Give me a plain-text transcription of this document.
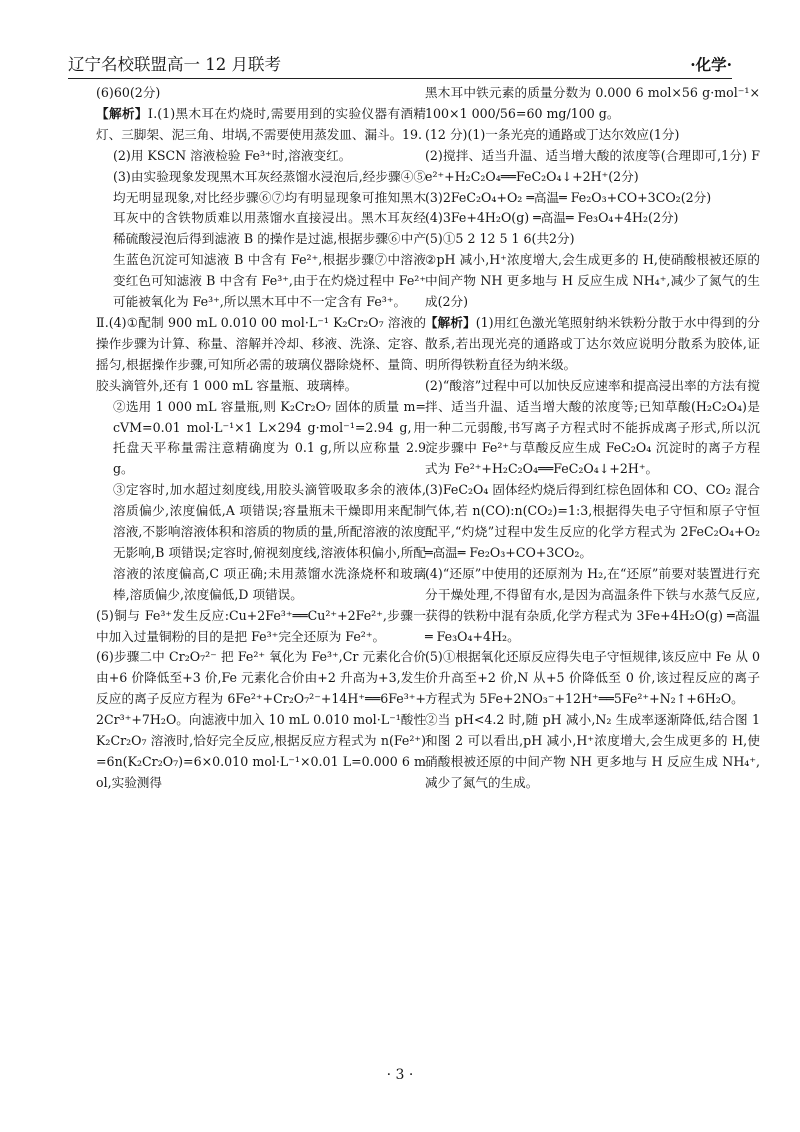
辽宁名校联盟高一 12 月联考	·化学·

(6)60(2分)

【解析】Ⅰ.(1)黑木耳在灼烧时,需要用到的实验仪器有酒精灯、三脚架、泥三角、坩埚,不需要使用蒸发皿、漏斗。

(2)用 KSCN 溶液检验 Fe³⁺时,溶液变红。

(3)由实验现象发现黑木耳灰经蒸馏水浸泡后,经步骤④⑤均无明显现象,对比经步骤⑥⑦均有明显现象可推知黑木耳灰中的含铁物质难以用蒸馏水直接浸出。黑木耳灰经稀硫酸浸泡后得到滤液 B 的操作是过滤,根据步骤⑥中产生蓝色沉淀可知滤液 B 中含有 Fe²⁺,根据步骤⑦中溶液变红色可知滤液 B 中含有 Fe³⁺,由于在灼烧过程中 Fe²⁺可能被氧化为 Fe³⁺,所以黑木耳中不一定含有 Fe³⁺。

Ⅱ.(4)①配制 900 mL 0.010 00 mol·L⁻¹ K₂Cr₂O₇ 溶液的操作步骤为计算、称量、溶解并冷却、移液、洗涤、定容、摇匀,根据操作步骤,可知所必需的玻璃仪器除烧杯、量筒、胶头滴管外,还有 1 000 mL 容量瓶、玻璃棒。

②选用 1 000 mL 容量瓶,则 K₂Cr₂O₇ 固体的质量 m=cVM=0.01 mol·L⁻¹×1 L×294 g·mol⁻¹=2.94 g,用托盘天平称量需注意精确度为 0.1 g,所以应称量 2.9 g。

③定容时,加水超过刻度线,用胶头滴管吸取多余的液体,溶质偏少,浓度偏低,A 项错误;容量瓶未干燥即用来配制溶液,不影响溶液体积和溶质的物质的量,所配溶液的浓度无影响,B 项错误;定容时,俯视刻度线,溶液体积偏小,所配溶液的浓度偏高,C 项正确;未用蒸馏水洗涤烧杯和玻璃棒,溶质偏少,浓度偏低,D 项错误。

(5)铜与 Fe³⁺发生反应:Cu+2Fe³⁺══Cu²⁺+2Fe²⁺,步骤一中加入过量铜粉的目的是把 Fe³⁺完全还原为 Fe²⁺。

(6)步骤二中 Cr₂O₇²⁻ 把 Fe²⁺ 氧化为 Fe³⁺,Cr 元素化合价由+6 价降低至+3 价,Fe 元素化合价由+2 升高为+3,发生反应的离子反应方程为 6Fe²⁺+Cr₂O₇²⁻+14H⁺══6Fe³⁺+2Cr³⁺+7H₂O。向滤液中加入 10 mL 0.010 mol·L⁻¹酸性 K₂Cr₂O₇ 溶液时,恰好完全反应,根据反应方程式为 n(Fe²⁺)=6n(K₂Cr₂O₇)=6×0.010 mol·L⁻¹×0.01 L=0.000 6 mol,实验测得

黑木耳中铁元素的质量分数为 0.000 6 mol×56 g·mol⁻¹×100×1 000/56=60 mg/100 g。

19. (12 分)(1)一条光亮的通路或丁达尔效应(1分)

(2)搅拌、适当升温、适当增大酸的浓度等(合理即可,1分) Fe²⁺+H₂C₂O₄══FeC₂O₄↓+2H⁺(2分)

(3)2FeC₂O₄+O₂ ═高温═ Fe₂O₃+CO+3CO₂(2分)

(4)3Fe+4H₂O(g) ═高温═ Fe₃O₄+4H₂(2分)

(5)①5 2 12 5 1 6(共2分)

②pH 减小,H⁺浓度增大,会生成更多的 H,使硝酸根被还原的中间产物 NH 更多地与 H 反应生成 NH₄⁺,减少了氮气的生成(2分)

【解析】(1)用红色激光笔照射纳米铁粉分散于水中得到的分散系,若出现光亮的通路或丁达尔效应说明分散系为胶体,证明所得铁粉直径为纳米级。

(2)“酸溶”过程中可以加快反应速率和提高浸出率的方法有搅拌、适当升温、适当增大酸的浓度等;已知草酸(H₂C₂O₄)是一种二元弱酸,书写离子方程式时不能拆成离子形式,所以沉淀步骤中 Fe²⁺与草酸反应生成 FeC₂O₄ 沉淀时的离子方程式为 Fe²⁺+H₂C₂O₄══FeC₂O₄↓+2H⁺。

(3)FeC₂O₄ 固体经灼烧后得到红棕色固体和 CO、CO₂ 混合气体,若 n(CO):n(CO₂)=1:3,根据得失电子守恒和原子守恒配平,“灼烧”过程中发生反应的化学方程式为 2FeC₂O₄+O₂ ═高温═ Fe₂O₃+CO+3CO₂。

(4)“还原”中使用的还原剂为 H₂,在“还原”前要对装置进行充分干燥处理,不得留有水,是因为高温条件下铁与水蒸气反应,获得的铁粉中混有杂质,化学方程式为 3Fe+4H₂O(g) ═高温═ Fe₃O₄+4H₂。

(5)①根据氧化还原反应得失电子守恒规律,该反应中 Fe 从 0 价升高至+2 价,N 从+5 价降低至 0 价,该过程反应的离子方程式为 5Fe+2NO₃⁻+12H⁺══5Fe²⁺+N₂↑+6H₂O。

②当 pH<4.2 时,随 pH 减小,N₂ 生成率逐渐降低,结合图 1 和图 2 可以看出,pH 减小,H⁺浓度增大,会生成更多的 H,使硝酸根被还原的中间产物 NH 更多地与 H 反应生成 NH₄⁺,减少了氮气的生成。

· 3 ·
